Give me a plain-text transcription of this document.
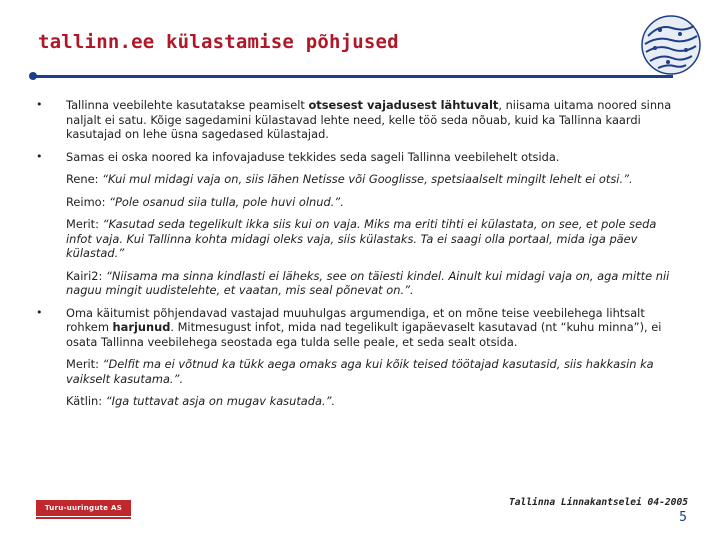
tallinn.ee külastamise põhjused
• Tallinna veebilehte kasutatakse peamiselt otsesest vajadusest lähtuvalt, niisama uitama noored sinna naljalt ei satu. Kõige sagedamini külastavad lehte need, kelle töö seda nõuab, kuid ka Tallinna kaardi kasutajad on lehe üsna sagedased külastajad.
• Samas ei oska noored ka infovajaduse tekkides seda sageli Tallinna veebilehelt otsida.
Rene: “Kui mul midagi vaja on, siis lähen Netisse või Googlisse, spetsiaalselt mingilt lehelt ei otsi.”.
Reimo: “Pole osanud siia tulla, pole huvi olnud.”.
Merit: “Kasutad seda tegelikult ikka siis kui on vaja. Miks ma eriti tihti ei külastata, on see, et pole seda infot vaja. Kui Tallinna kohta midagi oleks vaja, siis külastaks. Ta ei saagi olla portaal, mida iga päev külastad.”
Kairi2: “Niisama ma sinna kindlasti ei läheks, see on täiesti kindel. Ainult kui midagi vaja on, aga mitte nii naguu mingit uudistelehte, et vaatan, mis seal põnevat on.”.
• Oma käitumist põhjendavad vastajad muuhulgas argumendiga, et on mõne teise veebilehega lihtsalt rohkem harjunud. Mitmesugust infot, mida nad tegelikult igapäevaselt kasutavad (nt “kuhu minna”), ei osata Tallinna veebilehega seostada ega tulda selle peale, et seda sealt otsida.
Merit: “Delfit ma ei võtnud ka tükk aega omaks aga kui kõik teised töötajad kasutasid, siis hakkasin ka vaikselt kasutama.”.
Kätlin: “Iga tuttavat asja on mugav kasutada.”.
Turu-uuringute AS	Tallinna Linnakantselei 04-2005
5
